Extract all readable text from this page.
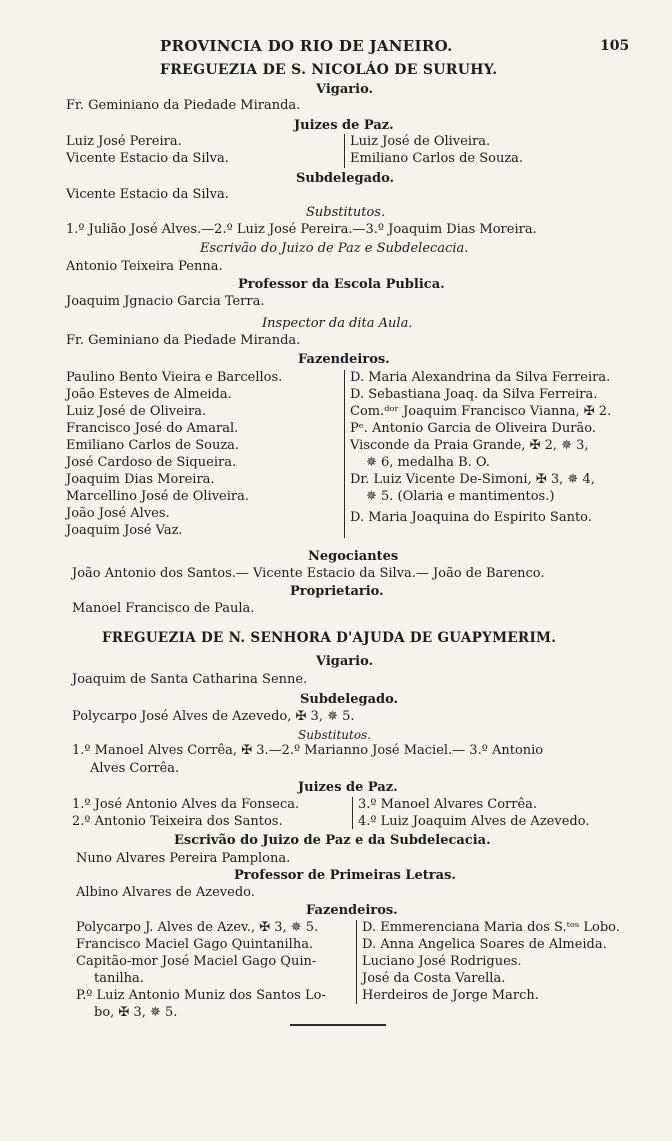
PROVINCIA DO RIO DE JANEIRO.	105
FREGUEZIA DE S. NICOLÁO DE SURUHY.
Vigario.
Fr. Geminiano da Piedade Miranda.
Juizes de Paz.
Luiz José Pereira.
Vicente Estacio da Silva.
Luiz José de Oliveira.
Emiliano Carlos de Souza.
Subdelegado.
Vicente Estacio da Silva.
Substitutos.
1.º Julião José Alves.—2.º Luiz José Pereira.—3.º Joaquim Dias Moreira.
Escrivão do Juizo de Paz e Subdelecacia.
Antonio Teixeira Penna.
Professor da Escola Publica.
Joaquim Jgnacio Garcia Terra.
Inspector da dita Aula.
Fr. Geminiano da Piedade Miranda.
Fazendeiros.
Paulino Bento Vieira e Barcellos.
João Esteves de Almeida.
Luiz José de Oliveira.
Francisco José do Amaral.
Emiliano Carlos de Souza.
José Cardoso de Siqueira.
Joaquim Dias Moreira.
Marcellino José de Oliveira.
João José Alves.
Joaquim José Vaz.
D. Maria Alexandrina da Silva Ferreira.
D. Sebastiana Joaq. da Silva Ferreira.
Com.ᵈᵒʳ Joaquim Francisco Vianna, ✠ 2.
Pᵉ. Antonio Garcia de Oliveira Durão.
Visconde da Praia Grande, ✠ 2, ✵ 3,
✵ 6, medalha B. O.
Dr. Luiz Vicente De-Simoni, ✠ 3, ✵ 4,
✵ 5. (Olaria e mantimentos.)
D. Maria Joaquina do Espirito Santo.
Negociantes
João Antonio dos Santos.— Vicente Estacio da Silva.— João de Barenco.
Proprietario.
Manoel Francisco de Paula.
FREGUEZIA DE N. SENHORA D'AJUDA DE GUAPYMERIM.
Vigario.
Joaquim de Santa Catharina Senne.
Subdelegado.
Polycarpo José Alves de Azevedo, ✠ 3, ✵ 5.
Substitutos.
1.º Manoel Alves Corrêa, ✠ 3.—2.º Marianno José Maciel.— 3.º Antonio
Alves Corrêa.
Juizes de Paz.
1.º José Antonio Alves da Fonseca.
2.º Antonio Teixeira dos Santos.
3.º Manoel Alvares Corrêa.
4.º Luiz Joaquim Alves de Azevedo.
Escrivão do Juizo de Paz e da Subdelecacia.
Nuno Alvares Pereira Pamplona.
Professor de Primeiras Letras.
Albino Alvares de Azevedo.
Fazendeiros.
Polycarpo J. Alves de Azev., ✠ 3, ✵ 5.
Francisco Maciel Gago Quintanilha.
Capitão-mor José Maciel Gago Quin-
tanilha.
P.º Luiz Antonio Muniz dos Santos Lo-
bo, ✠ 3, ✵ 5.
D. Emmerenciana Maria dos S.ᵗᵒˢ Lobo.
D. Anna Angelica Soares de Almeida.
Luciano José Rodrigues.
José da Costa Varella.
Herdeiros de Jorge March.
